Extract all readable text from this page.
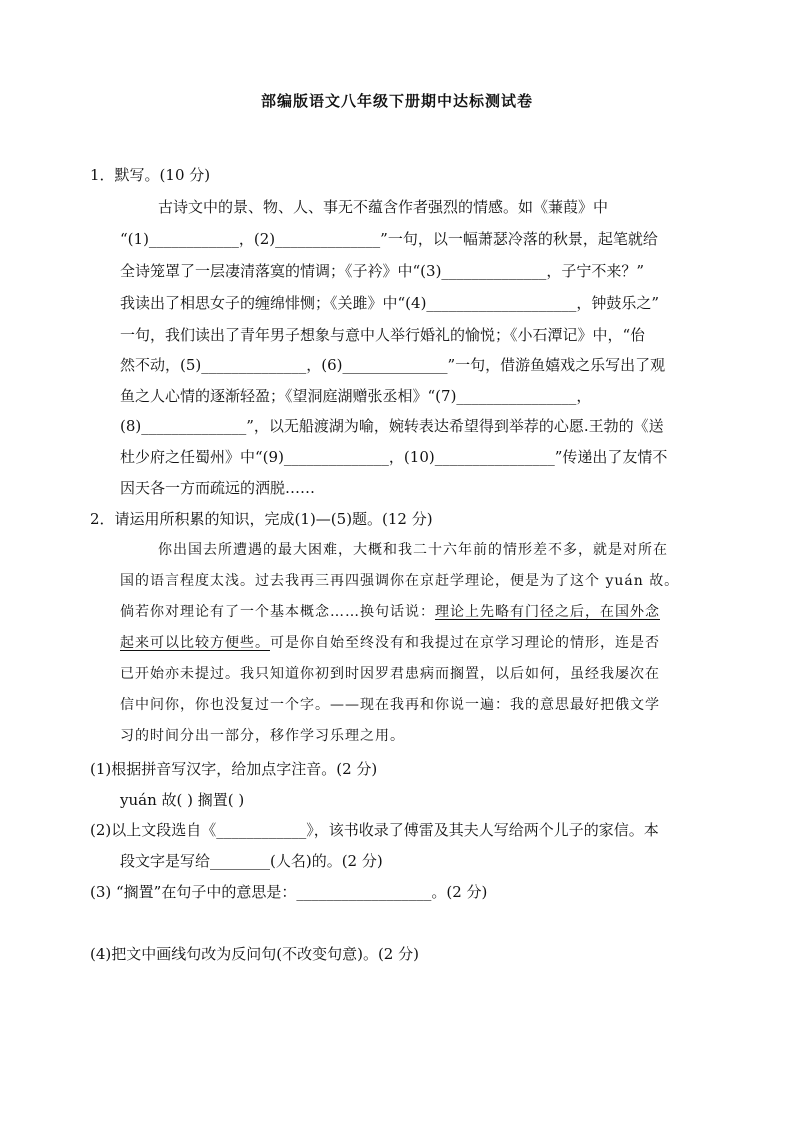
部编版语文八年级下册期中达标测试卷
1．默写。(10 分)
古诗文中的景、物、人、事无不蕴含作者强烈的情感。如《蒹葭》中
“(1)____________，(2)______________”一句，以一幅萧瑟冷落的秋景，起笔就给
全诗笼罩了一层凄清落寞的情调；《子衿》中“(3)______________，子宁不来？”
我读出了相思女子的缠绵悱恻；《关雎》中“(4)____________________，钟鼓乐之”
一句，我们读出了青年男子想象与意中人举行婚礼的愉悦；《小石潭记》中，“佁
然不动，(5)______________，(6)______________”一句，借游鱼嬉戏之乐写出了观
鱼之人心情的逐渐轻盈；《望洞庭湖赠张丞相》“(7)________________，
(8)______________”，以无船渡湖为喻，婉转表达希望得到举荐的心愿.王勃的《送
杜少府之任蜀州》中“(9)______________，(10)________________”传递出了友情不
因天各一方而疏远的洒脱……
2．请运用所积累的知识，完成(1)—(5)题。(12 分)
你出国去所遭遇的最大困难，大概和我二十六年前的情形差不多，就是对所在
国的语言程度太浅。过去我再三再四强调你在京赶学理论，便是为了这个 yuán 故。
倘若你对理论有了一个基本概念……换句话说：理论上先略有门径之后，在国外念
起来可以比较方便些。可是你自始至终没有和我提过在京学习理论的情形，连是否
已开始亦未提过。我只知道你初到时因罗君患病而搁置，以后如何，虽经我屡次在
信中问你，你也没复过一个字。——现在我再和你说一遍：我的意思最好把俄文学
习的时间分出一部分，移作学习乐理之用。
(1)根据拼音写汉字，给加点字注音。(2 分)
yuán 故( ) 搁置( )
(2)以上文段选自《____________》，该书收录了傅雷及其夫人写给两个儿子的家信。本
段文字是写给________(人名)的。(2 分)
(3) “搁置”在句子中的意思是：__________________。(2 分)
(4)把文中画线句改为反问句(不改变句意)。(2 分)
